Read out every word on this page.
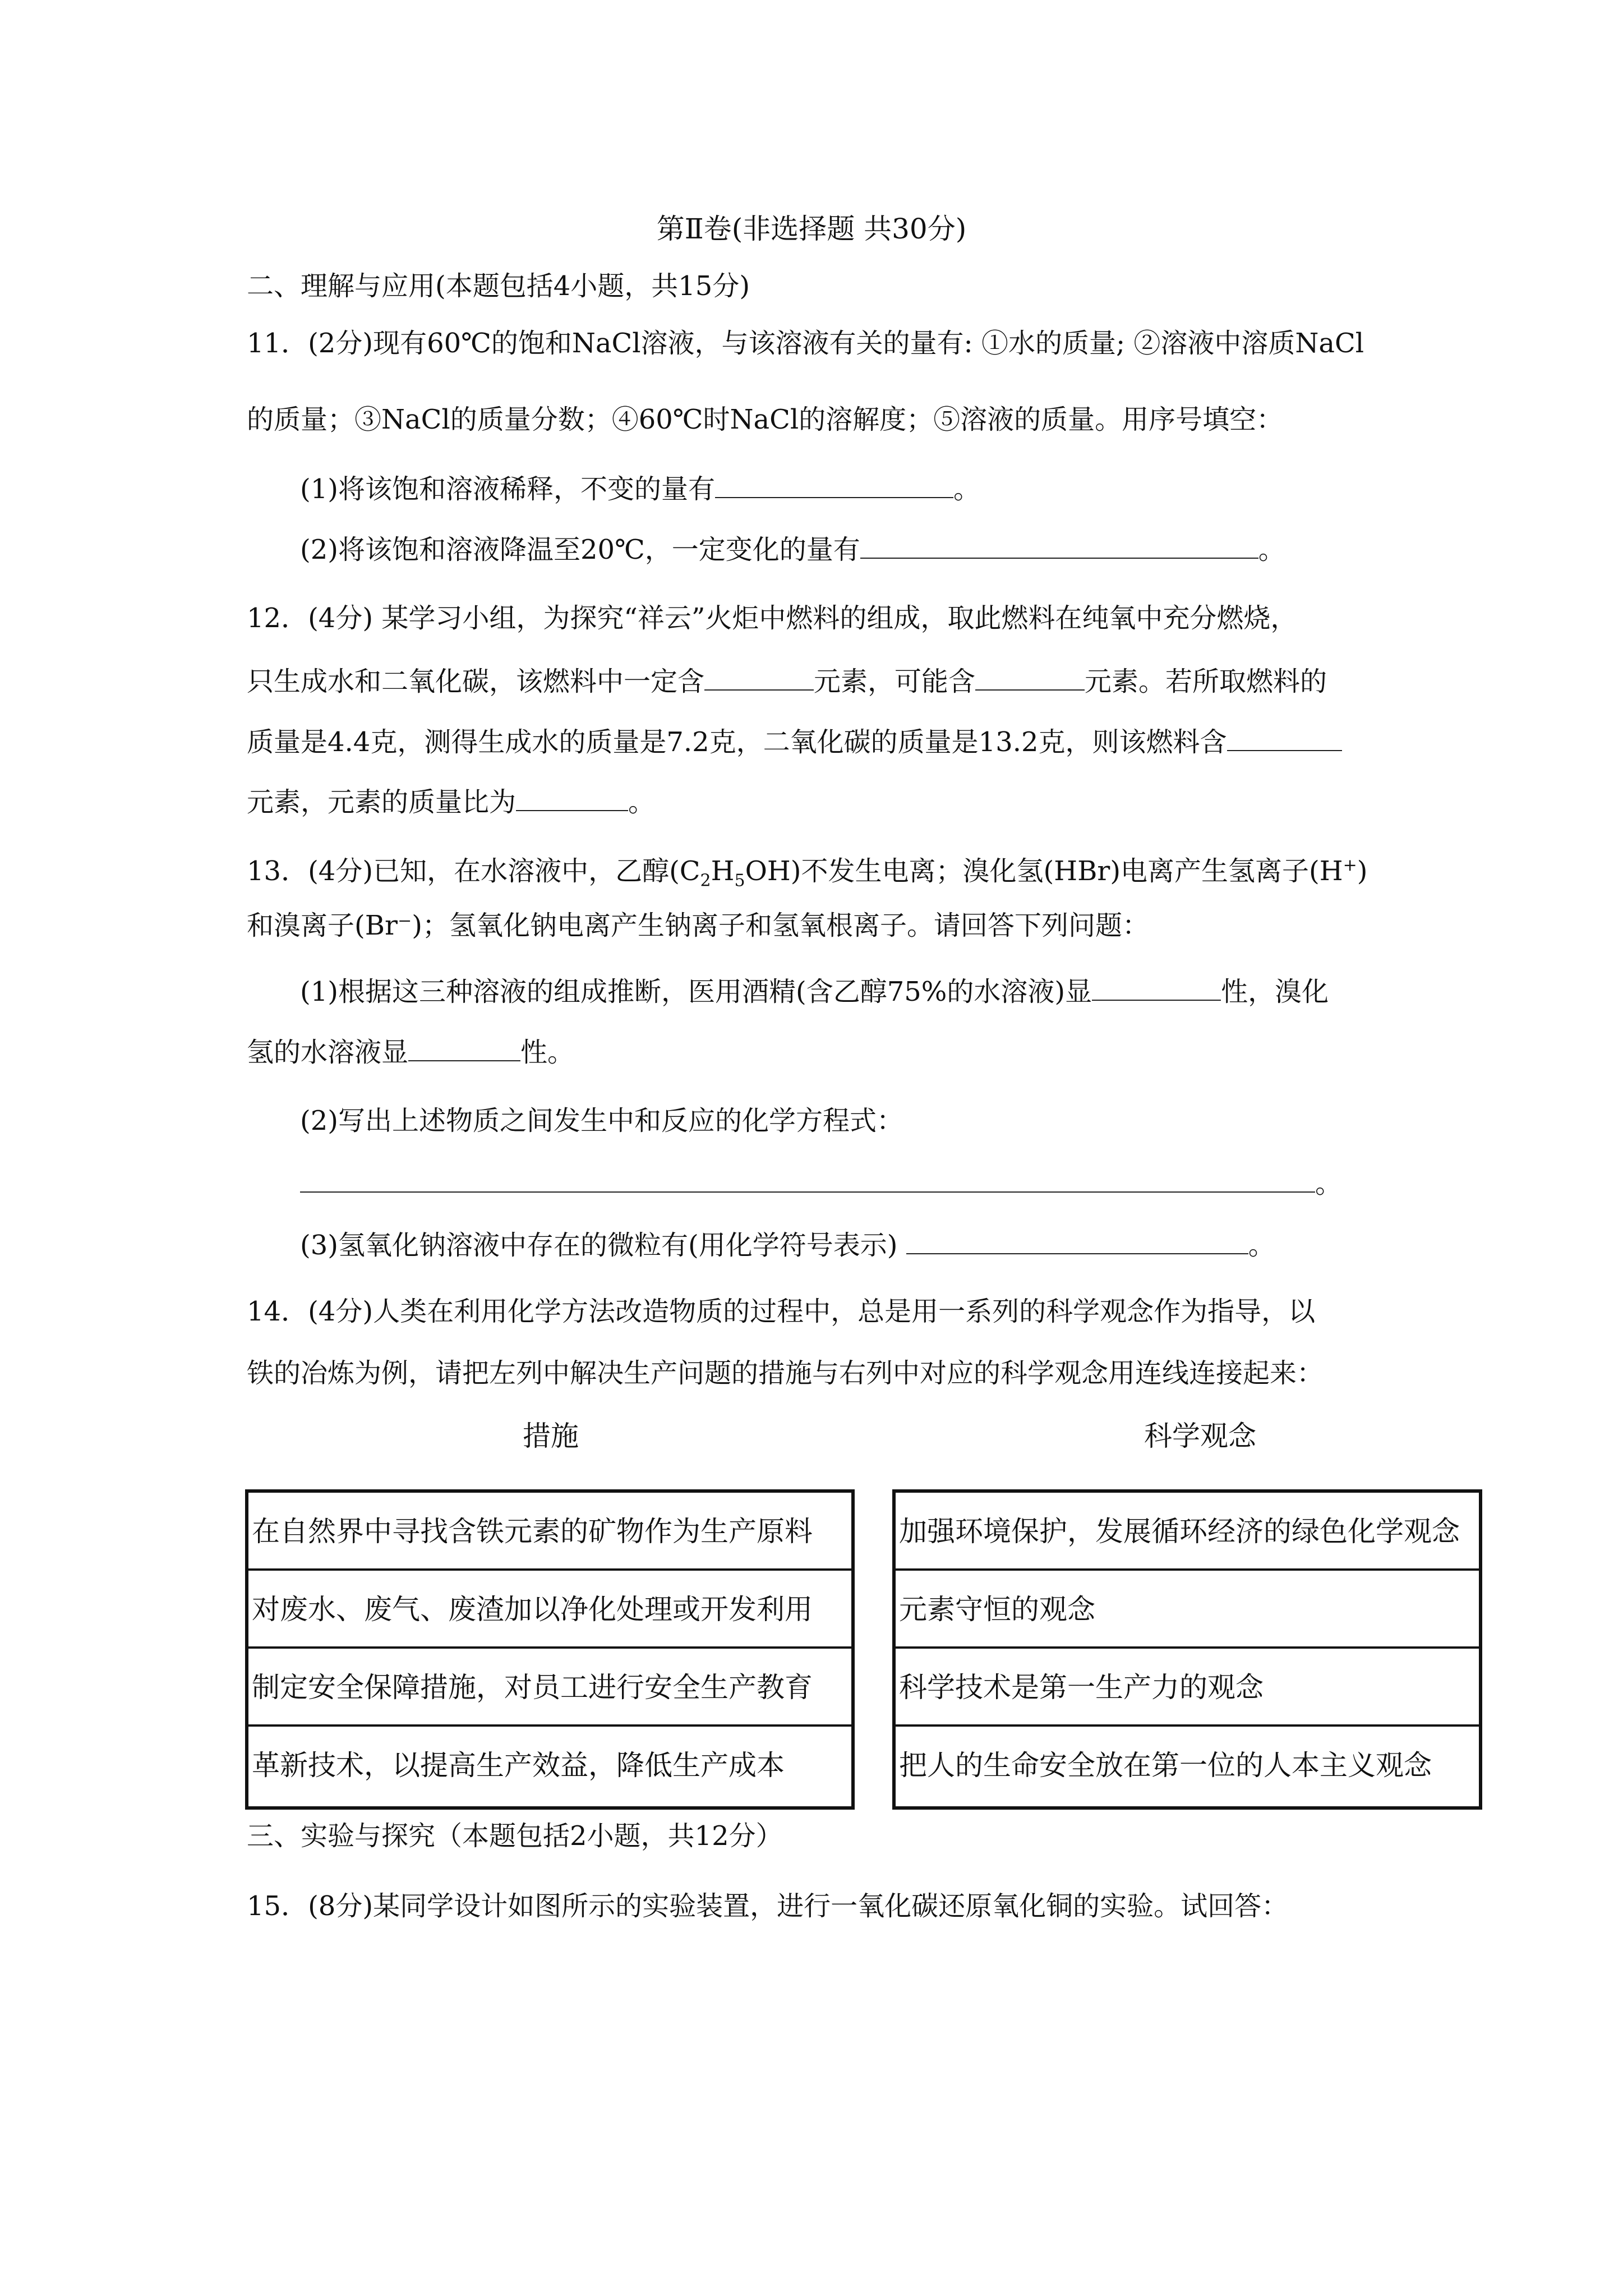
第Ⅱ卷(非选择题 共30分)
二、理解与应用(本题包括4小题，共15分)
11．(2分)现有60℃的饱和NaCl溶液，与该溶液有关的量有: ①水的质量; ②溶液中溶质NaCl
的质量；③NaCl的质量分数；④60℃时NaCl的溶解度；⑤溶液的质量。用序号填空：
(1)将该饱和溶液稀释，不变的量有	。
(2)将该饱和溶液降温至20℃，一定变化的量有	。
12．(4分) 某学习小组，为探究“祥云”火炬中燃料的组成，取此燃料在纯氧中充分燃烧，
只生成水和二氧化碳，该燃料中一定含	元素，可能含	元素。若所取燃料的
质量是4.4克，测得生成水的质量是7.2克，二氧化碳的质量是13.2克，则该燃料含
元素，元素的质量比为	。
13．(4分)已知，在水溶液中，乙醇$(C_2H_5OH)$不发生电离；溴化氢(HBr)电离产生氢离子(H+)
和溴离子(Br⁻)；氢氧化钠电离产生钠离子和氢氧根离子。请回答下列问题：
(1)根据这三种溶液的组成推断，医用酒精(含乙醇75%的水溶液)显	性，溴化
氢的水溶液显	性。
(2)写出上述物质之间发生中和反应的化学方程式：
。
(3)氢氧化钠溶液中存在的微粒有(用化学符号表示)	。
14．(4分)人类在利用化学方法改造物质的过程中，总是用一系列的科学观念作为指导，以
铁的冶炼为例，请把左列中解决生产问题的措施与右列中对应的科学观念用连线连接起来：
措施	科学观念
在自然界中寻找含铁元素的矿物作为生产原料
对废水、废气、废渣加以净化处理或开发利用
制定安全保障措施，对员工进行安全生产教育
革新技术，以提高生产效益，降低生产成本
加强环境保护，发展循环经济的绿色化学观念
元素守恒的观念
科学技术是第一生产力的观念
把人的生命安全放在第一位的人本主义观念
三、实验与探究（本题包括2小题，共12分）
15．(8分)某同学设计如图所示的实验装置，进行一氧化碳还原氧化铜的实验。试回答：
